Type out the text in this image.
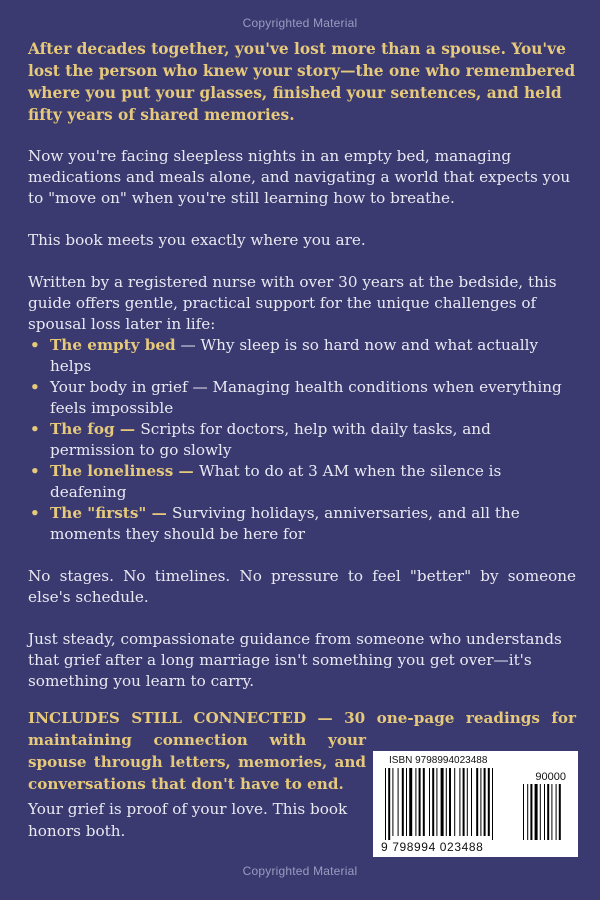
Copyrighted Material

After decades together, you've lost more than a spouse. You've lost the person who knew your story—the one who remembered where you put your glasses, finished your sentences, and held fifty years of shared memories.

Now you're facing sleepless nights in an empty bed, managing medications and meals alone, and navigating a world that expects you to "move on" when you're still learning how to breathe.

This book meets you exactly where you are.

Written by a registered nurse with over 30 years at the bedside, this guide offers gentle, practical support for the unique challenges of spousal loss later in life:

• The empty bed — Why sleep is so hard now and what actually helps
• Your body in grief — Managing health conditions when everything feels impossible
• The fog — Scripts for doctors, help with daily tasks, and permission to go slowly
• The loneliness — What to do at 3 AM when the silence is deafening
• The "firsts" — Surviving holidays, anniversaries, and all the moments they should be here for

No stages. No timelines. No pressure to feel "better" by someone else's schedule.

Just steady, compassionate guidance from someone who understands that grief after a long marriage isn't something you get over—it's something you learn to carry.

INCLUDES STILL CONNECTED — 30 one-page readings for
maintaining connection with your
spouse through letters, memories, and
conversations that don't have to end.
Your grief is proof of your love. This book honors both.
ISBN 9798994023488
90000
9 798994 023488
Copyrighted Material
